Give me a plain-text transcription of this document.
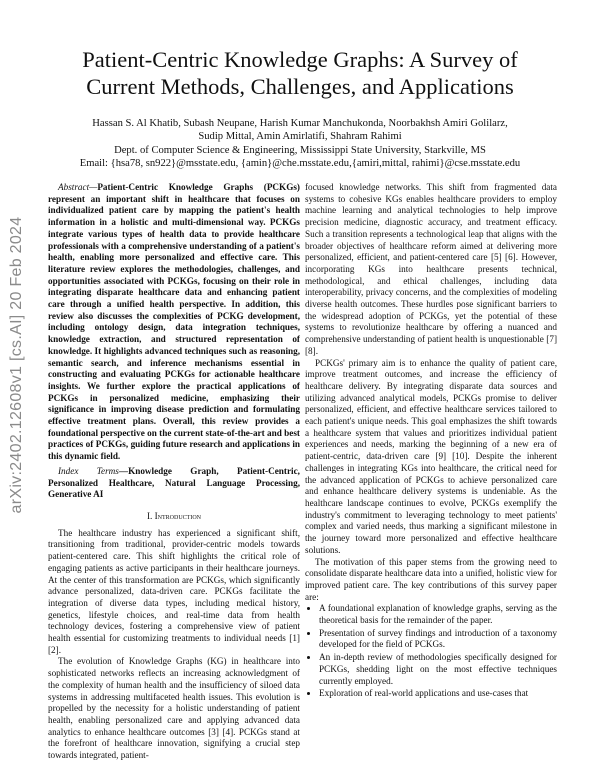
arXiv:2402.12608v1 [cs.AI] 20 Feb 2024
Patient-Centric Knowledge Graphs: A Survey of
Current Methods, Challenges, and Applications
Hassan S. Al Khatib, Subash Neupane, Harish Kumar Manchukonda, Noorbakhsh Amiri Golilarz,
Sudip Mittal, Amin Amirlatifi, Shahram Rahimi
Dept. of Computer Science & Engineering, Mississippi State University, Starkville, MS
Email: {hsa78, sn922}@msstate.edu, {amin}@che.msstate.edu,{amiri,mittal, rahimi}@cse.msstate.edu

Abstract—Patient-Centric Knowledge Graphs (PCKGs) represent an important shift in healthcare that focuses on individualized patient care by mapping the patient's health information in a holistic and multi-dimensional way. PCKGs integrate various types of health data to provide healthcare professionals with a comprehensive understanding of a patient's health, enabling more personalized and effective care. This literature review explores the methodologies, challenges, and opportunities associated with PCKGs, focusing on their role in integrating disparate healthcare data and enhancing patient care through a unified health perspective. In addition, this review also discusses the complexities of PCKG development, including ontology design, data integration techniques, knowledge extraction, and structured representation of knowledge. It highlights advanced techniques such as reasoning, semantic search, and inference mechanisms essential in constructing and evaluating PCKGs for actionable healthcare insights. We further explore the practical applications of PCKGs in personalized medicine, emphasizing their significance in improving disease prediction and formulating effective treatment plans. Overall, this review provides a foundational perspective on the current state-of-the-art and best practices of PCKGs, guiding future research and applications in this dynamic field.

Index Terms—Knowledge Graph, Patient-Centric, Personalized Healthcare, Natural Language Processing, Generative AI

I. Introduction

The healthcare industry has experienced a significant shift, transitioning from traditional, provider-centric models towards patient-centered care. This shift highlights the critical role of engaging patients as active participants in their healthcare journeys. At the center of this transformation are PCKGs, which significantly advance personalized, data-driven care. PCKGs facilitate the integration of diverse data types, including medical history, genetics, lifestyle choices, and real-time data from health technology devices, fostering a comprehensive view of patient health essential for customizing treatments to individual needs [1] [2].

The evolution of Knowledge Graphs (KG) in healthcare into sophisticated networks reflects an increasing acknowledgment of the complexity of human health and the insufficiency of siloed data systems in addressing multifaceted health issues. This evolution is propelled by the necessity for a holistic understanding of patient health, enabling personalized care and applying advanced data analytics to enhance healthcare outcomes [3] [4]. PCKGs stand at the forefront of healthcare innovation, signifying a crucial step towards integrated, patient-

focused knowledge networks. This shift from fragmented data systems to cohesive KGs enables healthcare providers to employ machine learning and analytical technologies to help improve precision medicine, diagnostic accuracy, and treatment efficacy. Such a transition represents a technological leap that aligns with the broader objectives of healthcare reform aimed at delivering more personalized, efficient, and patient-centered care [5] [6]. However, incorporating KGs into healthcare presents technical, methodological, and ethical challenges, including data interoperability, privacy concerns, and the complexities of modeling diverse health outcomes. These hurdles pose significant barriers to the widespread adoption of PCKGs, yet the potential of these systems to revolutionize healthcare by offering a nuanced and comprehensive understanding of patient health is unquestionable [7] [8].

PCKGs' primary aim is to enhance the quality of patient care, improve treatment outcomes, and increase the efficiency of healthcare delivery. By integrating disparate data sources and utilizing advanced analytical models, PCKGs promise to deliver personalized, efficient, and effective healthcare services tailored to each patient's unique needs. This goal emphasizes the shift towards a healthcare system that values and prioritizes individual patient experiences and needs, marking the beginning of a new era of patient-centric, data-driven care [9] [10]. Despite the inherent challenges in integrating KGs into healthcare, the critical need for the advanced application of PCKGs to achieve personalized care and enhance healthcare delivery systems is undeniable. As the healthcare landscape continues to evolve, PCKGs exemplify the industry's commitment to leveraging technology to meet patients' complex and varied needs, thus marking a significant milestone in the journey toward more personalized and effective healthcare solutions.

The motivation of this paper stems from the growing need to consolidate disparate healthcare data into a unified, holistic view for improved patient care. The key contributions of this survey paper are:

• A foundational explanation of knowledge graphs, serving as the theoretical basis for the remainder of the paper.
• Presentation of survey findings and introduction of a taxonomy developed for the field of PCKGs.
• An in-depth review of methodologies specifically designed for PCKGs, shedding light on the most effective techniques currently employed.
• Exploration of real-world applications and use-cases that
